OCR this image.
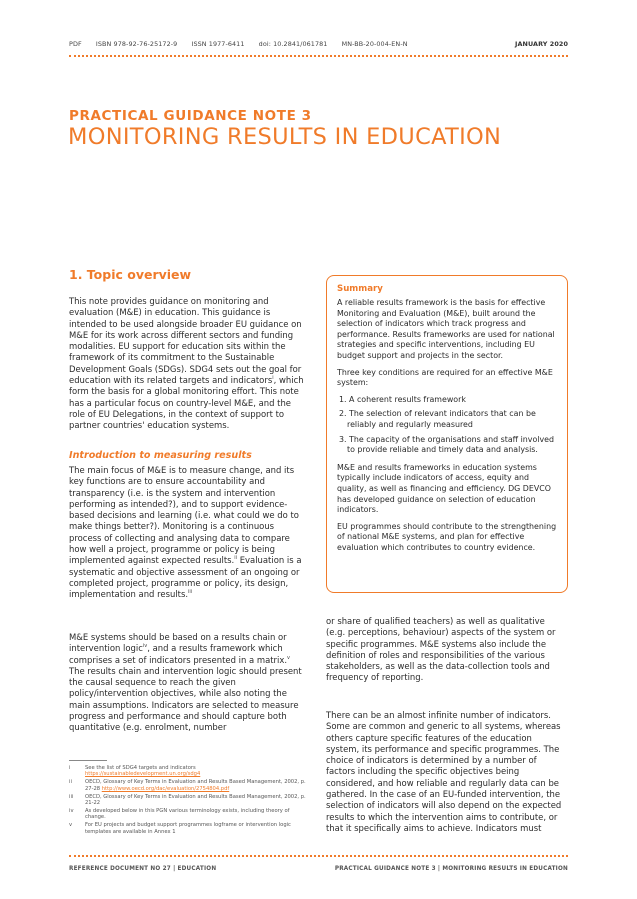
PDF ISBN 978-92-76-25172-9 ISSN 1977-6411 doi: 10.2841/061781 MN-BB-20-004-EN-N	JANUARY 2020
PRACTICAL GUIDANCE NOTE 3
MONITORING RESULTS IN EDUCATION
1. Topic overview
This note provides guidance on monitoring and evaluation (M&E) in education. This guidance is intended to be used alongside broader EU guidance on M&E for its work across different sectors and funding modalities. EU support for education sits within the framework of its commitment to the Sustainable Development Goals (SDGs). SDG4 sets out the goal for education with its related targets and indicators$^i$, which form the basis for a global monitoring effort. This note has a particular focus on country-level M&E, and the role of EU Delegations, in the context of support to partner countries' education systems.
Introduction to measuring results
The main focus of M&E is to measure change, and its key functions are to ensure accountability and transparency (i.e. is the system and intervention performing as intended?), and to support evidence-based decisions and learning (i.e. what could we do to make things better?). Monitoring is a continuous process of collecting and analysing data to compare how well a project, programme or policy is being implemented against expected results.$^{ii}$ Evaluation is a systematic and objective assessment of an ongoing or completed project, programme or policy, its design, implementation and results.$^{iii}$
M&E systems should be based on a results chain or intervention logic$^{iv}$, and a results framework which comprises a set of indicators presented in a matrix.$^v$ The results chain and intervention logic should present the causal sequence to reach the given policy/intervention objectives, while also noting the main assumptions. Indicators are selected to measure progress and performance and should capture both quantitative (e.g. enrolment, number

Summary

A reliable results framework is the basis for effective Monitoring and Evaluation (M&E), built around the selection of indicators which track progress and performance. Results frameworks are used for national strategies and specific interventions, including EU budget support and projects in the sector.

Three key conditions are required for an effective M&E system:

1. A coherent results framework

2. The selection of relevant indicators that can be reliably and regularly measured

3. The capacity of the organisations and staff involved to provide reliable and timely data and analysis.

M&E and results frameworks in education systems typically include indicators of access, equity and quality, as well as financing and efficiency. DG DEVCO has developed guidance on selection of education indicators.

EU programmes should contribute to the strengthening of national M&E systems, and plan for effective evaluation which contributes to country evidence.

or share of qualified teachers) as well as qualitative (e.g. perceptions, behaviour) aspects of the system or specific programmes. M&E systems also include the definition of roles and responsibilities of the various stakeholders, as well as the data-collection tools and frequency of reporting.
There can be an almost infinite number of indicators. Some are common and generic to all systems, whereas others capture specific features of the education system, its performance and specific programmes. The choice of indicators is determined by a number of factors including the specific objectives being considered, and how reliable and regularly data can be gathered. In the case of an EU-funded intervention, the selection of indicators will also depend on the expected results to which the intervention aims to contribute, or that it specifically aims to achieve. Indicators must
i	See the list of SDG4 targets and indicators https://sustainabledevelopment.un.org/sdg4
ii	OECD, Glossary of Key Terms in Evaluation and Results Based Management, 2002, p. 27-28 http://www.oecd.org/dac/evaluation/2754804.pdf
iii OECD, Glossary of Key Terms in Evaluation and Results Based Management, 2002, p. 21-22
iv As developed below in this PGN various terminology exists, including theory of change.
v For EU projects and budget support programmes logframe or intervention logic templates are available in Annex 1
REFERENCE DOCUMENT NO 27 | EDUCATION	PRACTICAL GUIDANCE NOTE 3 | MONITORING RESULTS IN EDUCATION
